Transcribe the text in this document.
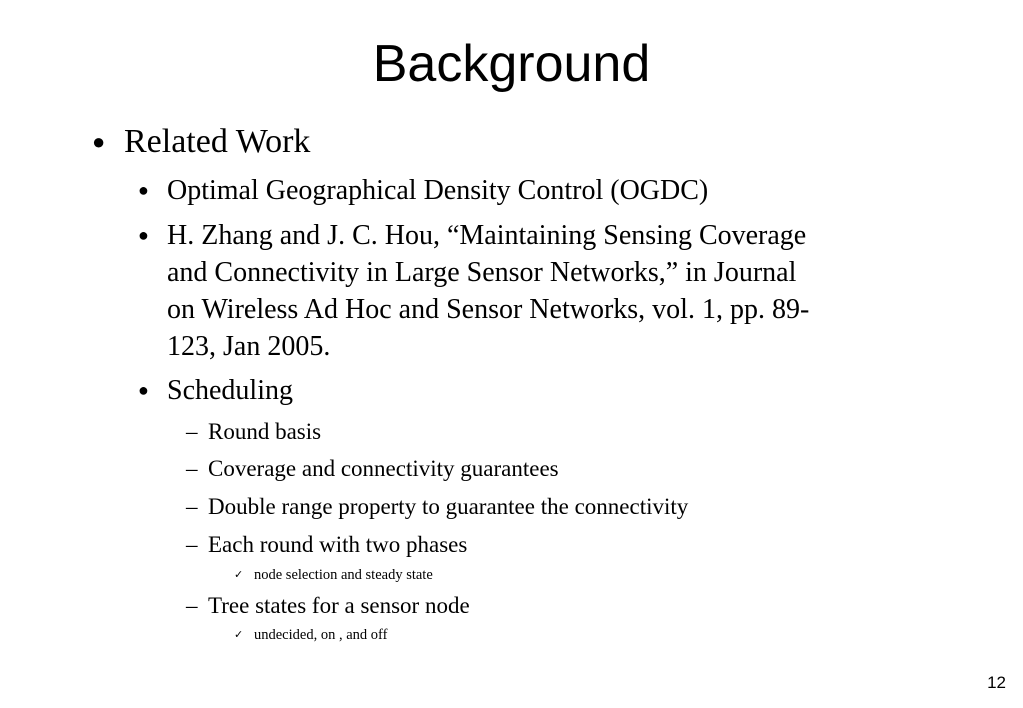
Background
● Related Work
● Optimal Geographical Density Control (OGDC)
● H. Zhang and J. C. Hou, “Maintaining Sensing Coverage
and Connectivity in Large Sensor Networks,” in Journal
on Wireless Ad Hoc and Sensor Networks, vol. 1, pp. 89-
123, Jan 2005.
● Scheduling
– Round basis
– Coverage and connectivity guarantees
– Double range property to guarantee the connectivity
– Each round with two phases
✓ node selection and steady state
– Tree states for a sensor node
✓ undecided, on , and off
12
